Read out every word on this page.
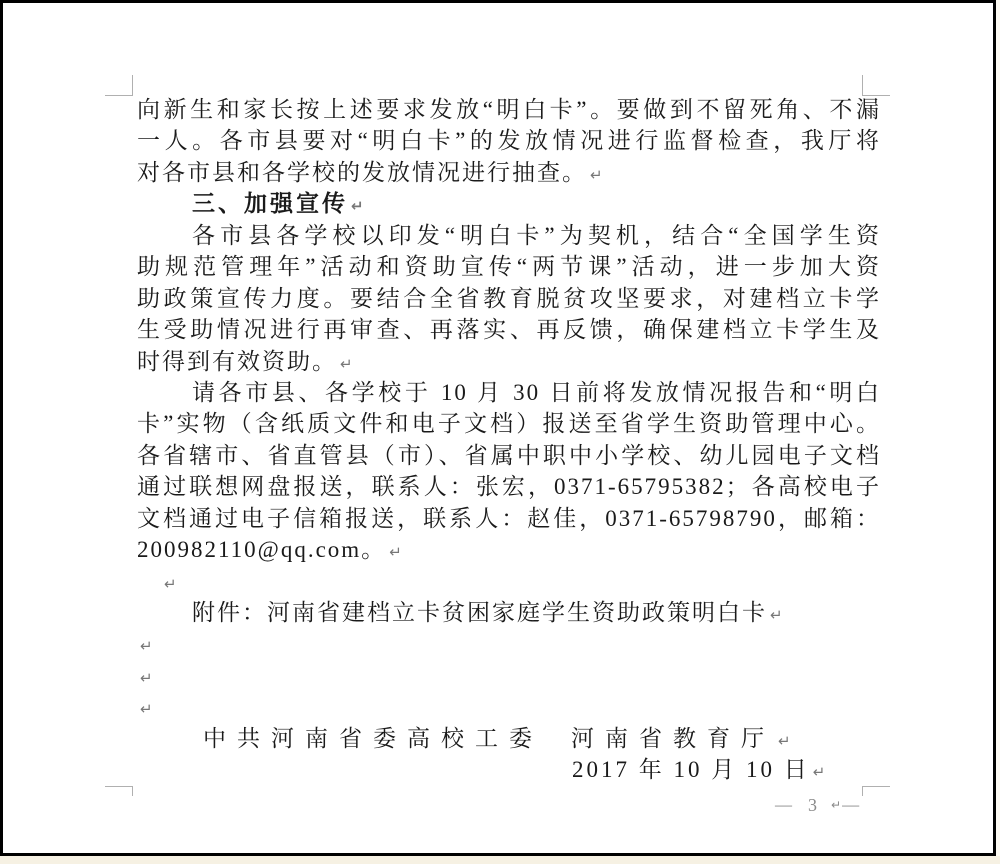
向新生和家长按上述要求发放“明白卡”。要做到不留死角、不漏
一人。各市县要对“明白卡”的发放情况进行监督检查，我厅将
对各市县和各学校的发放情况进行抽查。 ↵
三、加强宣传 ↵
各市县各学校以印发“明白卡”为契机，结合“全国学生资
助规范管理年”活动和资助宣传“两节课”活动，进一步加大资
助政策宣传力度。要结合全省教育脱贫攻坚要求，对建档立卡学
生受助情况进行再审查、再落实、再反馈，确保建档立卡学生及
时得到有效资助。 ↵
请各市县、各学校于 10 月 30 日前将发放情况报告和“明白
卡”实物（含纸质文件和电子文档）报送至省学生资助管理中心。
各省辖市、省直管县（市）、省属中职中小学校、幼儿园电子文档
通过联想网盘报送，联系人：张宏，0371-65795382；各高校电子
文档通过电子信箱报送，联系人：赵佳，0371-65798790，邮箱：
200982110@qq.com。 ↵
↵
附件：河南省建档立卡贫困家庭学生资助政策明白卡 ↵
↵
↵
↵
中共河南省委高校工委 河南省教育厅 ↵
2017 年 10 月 10 日 ↵
— 3 ↵ —
